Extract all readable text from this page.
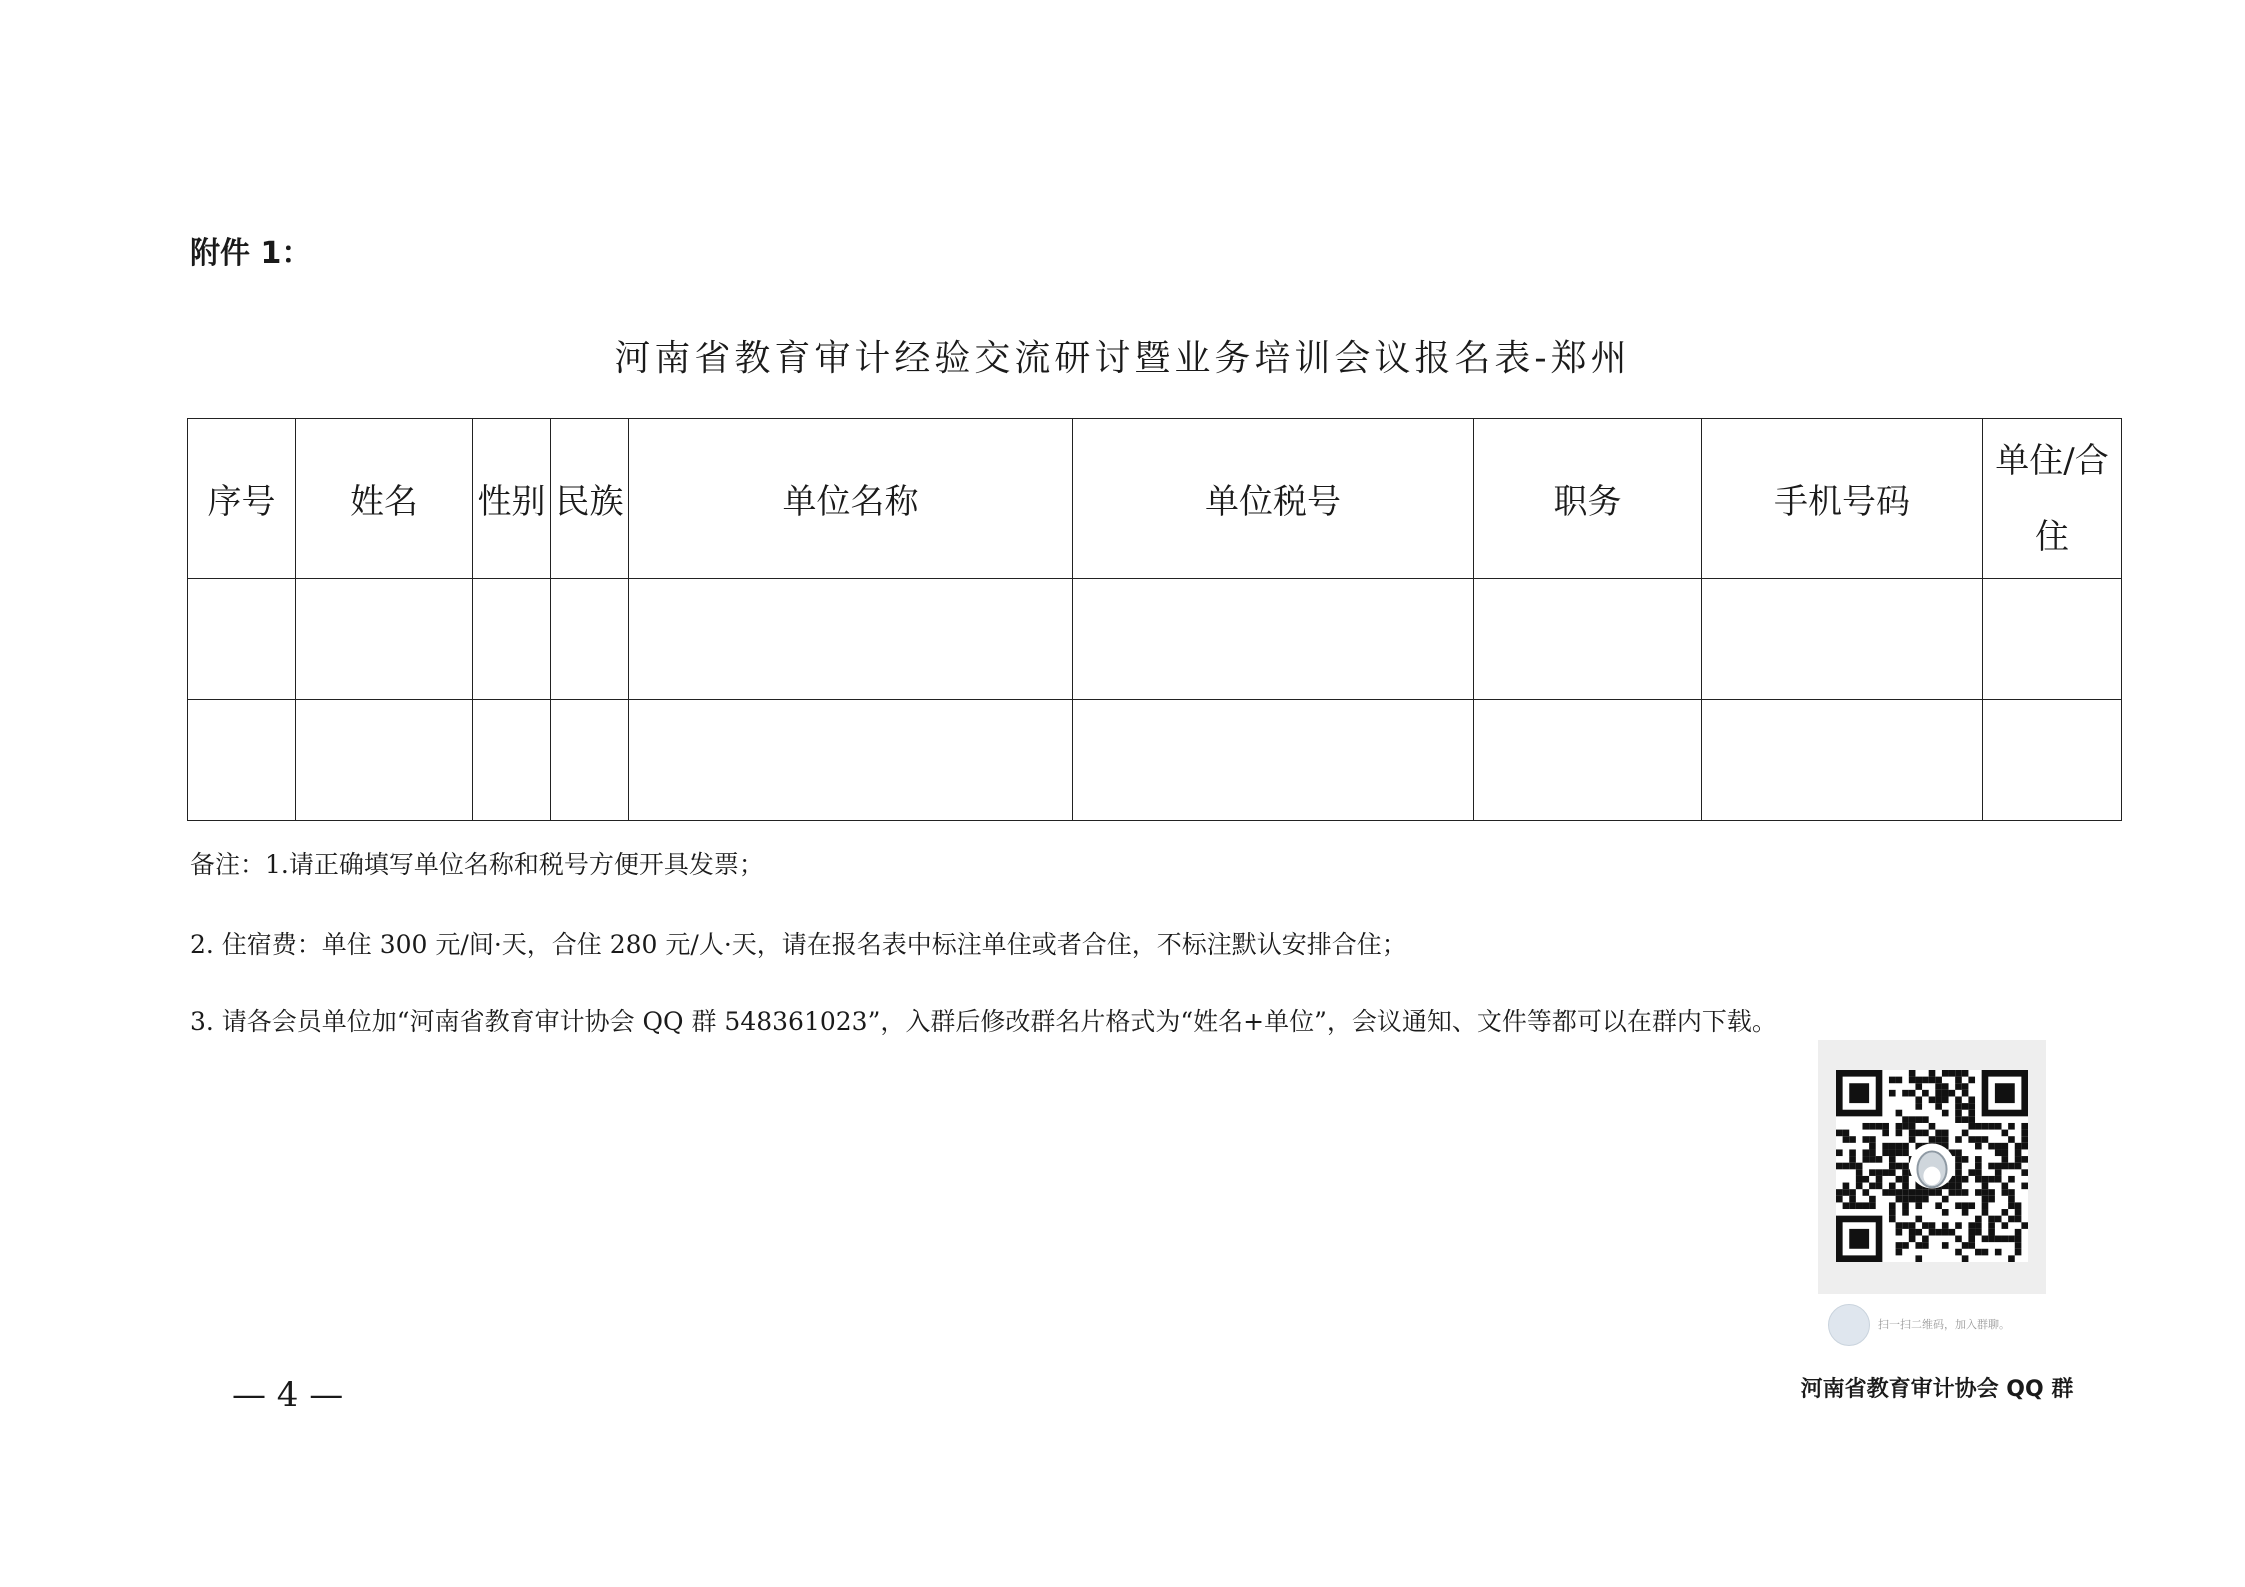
附件 1：
河南省教育审计经验交流研讨暨业务培训会议报名表-郑州
序号	姓名	性别	民族	单位名称	单位税号	职务	手机号码	单住/合住

备注：1.请正确填写单位名称和税号方便开具发票；
2. 住宿费：单住 300 元/间·天，合住 280 元/人·天，请在报名表中标注单住或者合住，不标注默认安排合住；
3. 请各会员单位加“河南省教育审计协会 QQ 群 548361023”，入群后修改群名片格式为“姓名+单位”，会议通知、文件等都可以在群内下载。
扫一扫二维码，加入群聊。
河南省教育审计协会 QQ 群
— 4 —
